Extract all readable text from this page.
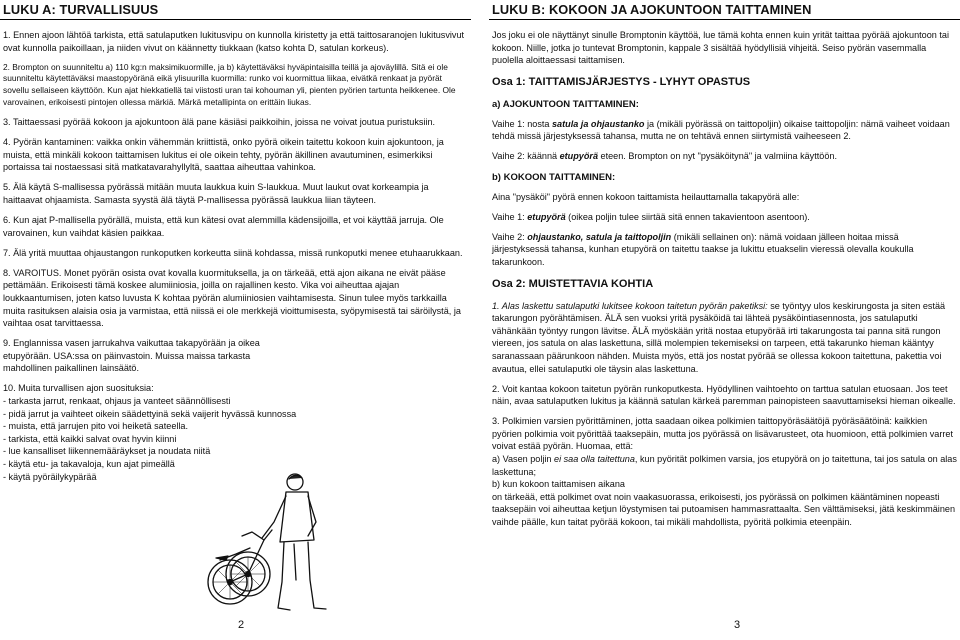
LUKU A: TURVALLISUUS

1. Ennen ajoon lähtöä tarkista, että satulaputken lukitusvipu on kunnolla kiristetty ja että taittosaranojen lukitusvivut ovat kunnolla paikoillaan, ja niiden vivut on käännetty tiukkaan (katso kohta D, satulan korkeus).

2. Brompton on suunniteltu a) 110 kg:n maksimikuormille, ja b) käytettäväksi hyväpintaisilla teillä ja ajoväylillä. Sitä ei ole suunniteltu käytettäväksi maastopyöränä eikä ylisuurilla kuormilla: runko voi kuormittua liikaa, eivätkä renkaat ja pyörät sovellu sellaiseen käyttöön. Kun ajat hiekkatiellä tai viistosti uran tai kohouman yli, pienten pyörien tartunta heikkenee. Ole varovainen, erikoisesti pintojen ollessa märkiä. Märkä metallipinta on erittäin liukas.

3. Taittaessasi pyörää kokoon ja ajokuntoon älä pane käsiäsi paikkoihin, joissa ne voivat joutua puristuksiin.

4. Pyörän kantaminen: vaikka onkin vähemmän kriittistä, onko pyörä oikein taitettu kokoon kuin ajokuntoon, ja muista, että minkäli kokoon taittamisen lukitus ei ole oikein tehty, pyörän äkillinen avautuminen, esimerkiksi portaissa tai nostaessasi sitä matkatavarahyllyltä, saattaa aiheuttaa vahinkoa.

5. Älä käytä S-mallisessa pyörässä mitään muuta laukkua kuin S-laukkua. Muut laukut ovat korkeampia ja haittaavat ohjaamista. Samasta syystä älä täytä P-mallisessa pyörässä laukkua liian täyteen.

6. Kun ajat P-mallisella pyörällä, muista, että kun kätesi ovat alemmilla kädensijoilla, et voi käyttää jarruja. Ole varovainen, kun vaihdat käsien paikkaa.

7. Älä yritä muuttaa ohjaustangon runkoputken korkeutta siinä kohdassa, missä runkoputki menee etuhaarukkaan.

8. VAROITUS. Monet pyörän osista ovat kovalla kuormituksella, ja on tärkeää, että ajon aikana ne eivät pääse pettämään. Erikoisesti tämä koskee alumiiniosia, joilla on rajallinen kesto. Vika voi aiheuttaa ajajan loukkaantumisen, joten katso luvusta K kohtaa pyörän alumiiniosien vaihtamisesta. Sinun tulee myös tarkkailla muita rasituksen alaisia osia ja varmistaa, että niissä ei ole merkkejä vioittumisesta, syöpymisestä tai säröilystä, ja vaihtaa osat tarvittaessa.

9. Englannissa vasen jarrukahva vaikuttaa takapyörään ja oikea etupyörään. USA:ssa on päinvastoin. Muissa maissa tarkasta mahdollinen paikallinen lainsäätö.

10. Muita turvallisen ajon suosituksia:

- tarkasta jarrut, renkaat, ohjaus ja vanteet säännöllisesti

- pidä jarrut ja vaihteet oikein säädettyinä sekä vaijerit hyvässä kunnossa

- muista, että jarrujen pito voi heiketä sateella.

- tarkista, että kaikki salvat ovat hyvin kiinni

- lue kansalliset liikennemääräykset ja noudata niitä

- käytä etu- ja takavaloja, kun ajat pimeällä

- käytä pyöräilykypärää

2
LUKU B: KOKOON JA AJOKUNTOON TAITTAMINEN

Jos joku ei ole näyttänyt sinulle Bromptonin käyttöä, lue tämä kohta ennen kuin yrität taittaa pyörää ajokuntoon tai kokoon. Niille, jotka jo tuntevat Bromptonin, kappale 3 sisältää hyödyllisiä vihjeitä. Seiso pyörän vasemmalla puolella aloittaessasi taittamisen.

Osa 1: TAITTAMISJÄRJESTYS - LYHYT OPASTUS
a) AJOKUNTOON TAITTAMINEN:

Vaihe 1: nosta satula ja ohjaustanko ja (mikäli pyörässä on taittopoljin) oikaise taittopoljin: nämä vaiheet voidaan tehdä missä järjestyksessä tahansa, mutta ne on tehtävä ennen siirtymistä vaiheeseen 2.

Vaihe 2: käännä etupyörä eteen. Brompton on nyt "pysäköitynä" ja valmiina käyttöön.

b) KOKOON TAITTAMINEN:

Aina "pysäköi" pyörä ennen kokoon taittamista heilauttamalla takapyörä alle:

Vaihe 1: etupyörä (oikea poljin tulee siirtää sitä ennen takavientoon asentoon).

Vaihe 2: ohjaustanko, satula ja taittopoljin (mikäli sellainen on): nämä voidaan jälleen hoitaa missä järjestyksessä tahansa, kunhan etupyörä on taitettu taakse ja lukittu etuakselin vieressä olevalla koukulla takarunkoon.

Osa 2: MUISTETTAVIA KOHTIA

1. Alas laskettu satulaputki lukitsee kokoon taitetun pyörän paketiksi: se työntyy ulos keskirungosta ja siten estää takarungon pyörähtämisen. ÄLÄ sen vuoksi yritä pysäköidä tai lähteä pysäköintiasennosta, jos satulaputki vähänkään työntyy rungon lävitse. ÄLÄ myöskään yritä nostaa etupyörää irti takarungosta tai panna sitä rungon viereen, jos satula on alas laskettuna, sillä molempien tekemiseksi on tarpeen, että takarunko hieman kääntyy saranassaan päärunkoon nähden. Muista myös, että jos nostat pyörää se ollessa kokoon taitettuna, pakettia voi avautua, ellei satulaputki ole täysin alas laskettuna.

2. Voit kantaa kokoon taitetun pyörän runkoputkesta. Hyödyllinen vaihtoehto on tarttua satulan etuosaan. Jos teet näin, avaa satulaputken lukitus ja käännä satulan kärkeä paremman painopisteen saavuttamiseksi hieman oikealle.

3. Polkimien varsien pyörittäminen, jotta saadaan oikea polkimien taittopyöräsäätöjä pyöräsäätöinä: kaikkien pyörien polkimia voit pyörittää taaksepäin, mutta jos pyörässä on lisävarusteet, ota huomioon, että polkimien varret voivat estää pyörän. Huomaa, että:

a) Vasen poljin ei saa olla taitettuna, kun pyörität polkimen varsia, jos etupyörä on jo taitettuna, tai jos satula on alas laskettuna;

b) kun kokoon taittamisen aikana

on tärkeää, että polkimet ovat noin vaakasuorassa, erikoisesti, jos pyörässä on polkimen kääntäminen nopeasti taaksepäin voi aiheuttaa ketjun löystymisen tai putoamisen hammasrattaalta. Sen välttämiseksi, jätä keskimmäinen vaihde päälle, kun taitat pyörää kokoon, tai mikäli mahdollista, pyöritä polkimia eteenpäin.

3
